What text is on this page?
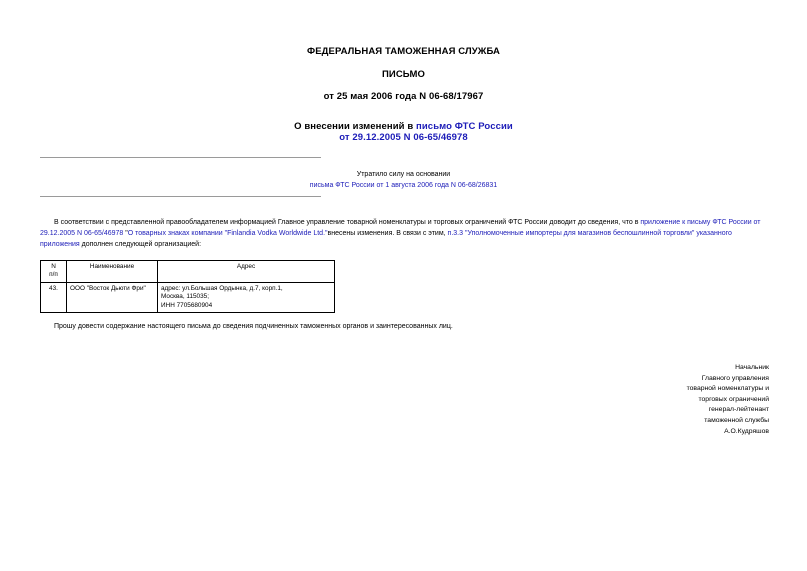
ФЕДЕРАЛЬНАЯ ТАМОЖЕННАЯ СЛУЖБА
ПИСЬМО
от 25 мая 2006 года N 06-68/17967
О внесении изменений в письмо ФТС России
от 29.12.2005 N 06-65/46978
Утратило силу на основании
письма ФТС России от 1 августа 2006 года N 06-68/26831
В соответствии с представленной правообладателем информацией Главное управление товарной номенклатуры и торговых ограничений ФТС России доводит до сведения, что в приложение к письму ФТС России от 29.12.2005 N 06-65/46978 "О товарных знаках компании "Finlandia Vodka Worldwide Ltd."внесены изменения. В связи с этим, п.3.3 "Уполномоченные импортеры для магазинов беспошлинной торговли" указанного приложения дополнен следующей организацией:
N
п/п	Наименование	Адрес
43.	ООО "Восток Дьюти Фри"	адрес: ул.Большая Ордынка, д.7, корп.1,
Москва, 115035;
ИНН 7705680904
Прошу довести содержание настоящего письма до сведения подчиненных таможенных органов и заинтересованных лиц.
Начальник
Главного управления
товарной номенклатуры и
торговых ограничений
генерал-лейтенант
таможенной службы
А.О.Кудряшов
